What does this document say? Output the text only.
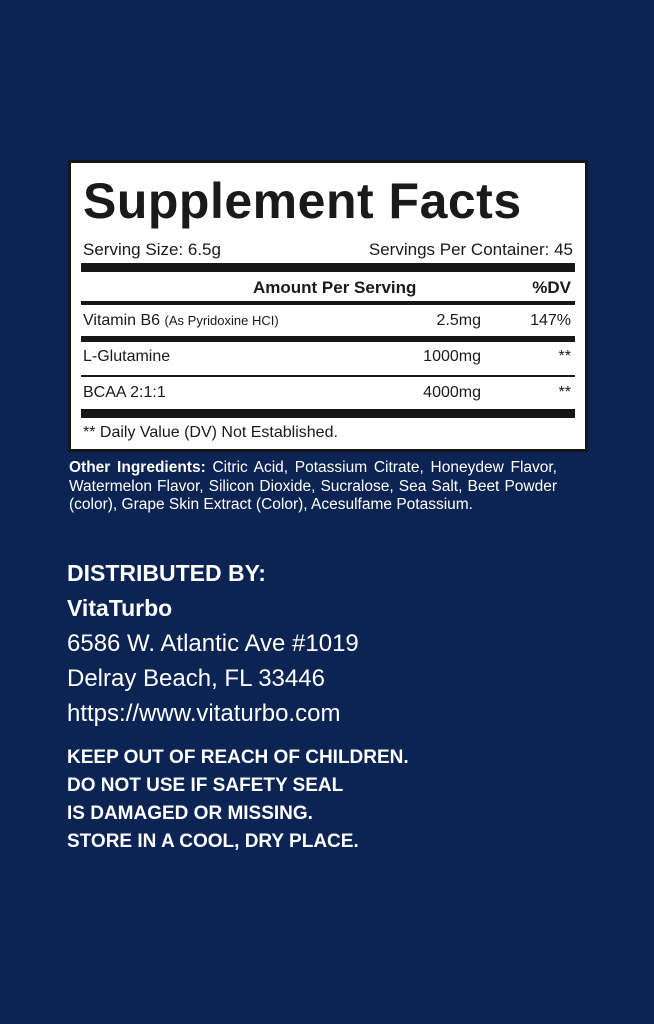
Supplement Facts
Serving Size: 6.5g	Servings Per Container: 45
Amount Per Serving	%DV
Vitamin B6 (As Pyridoxine HCI)	2.5mg	147%
L-Glutamine	1000mg	**
BCAA 2:1:1	4000mg	**
** Daily Value (DV) Not Established.
Other Ingredients: Citric Acid, Potassium Citrate, Honeydew Flavor, Watermelon Flavor, Silicon Dioxide, Sucralose, Sea Salt, Beet Powder (color), Grape Skin Extract (Color), Acesulfame Potassium.
DISTRIBUTED BY:
VitaTurbo
6586 W. Atlantic Ave #1019
Delray Beach, FL 33446
https://www.vitaturbo.com
KEEP OUT OF REACH OF CHILDREN.
DO NOT USE IF SAFETY SEAL
IS DAMAGED OR MISSING.
STORE IN A COOL, DRY PLACE.
